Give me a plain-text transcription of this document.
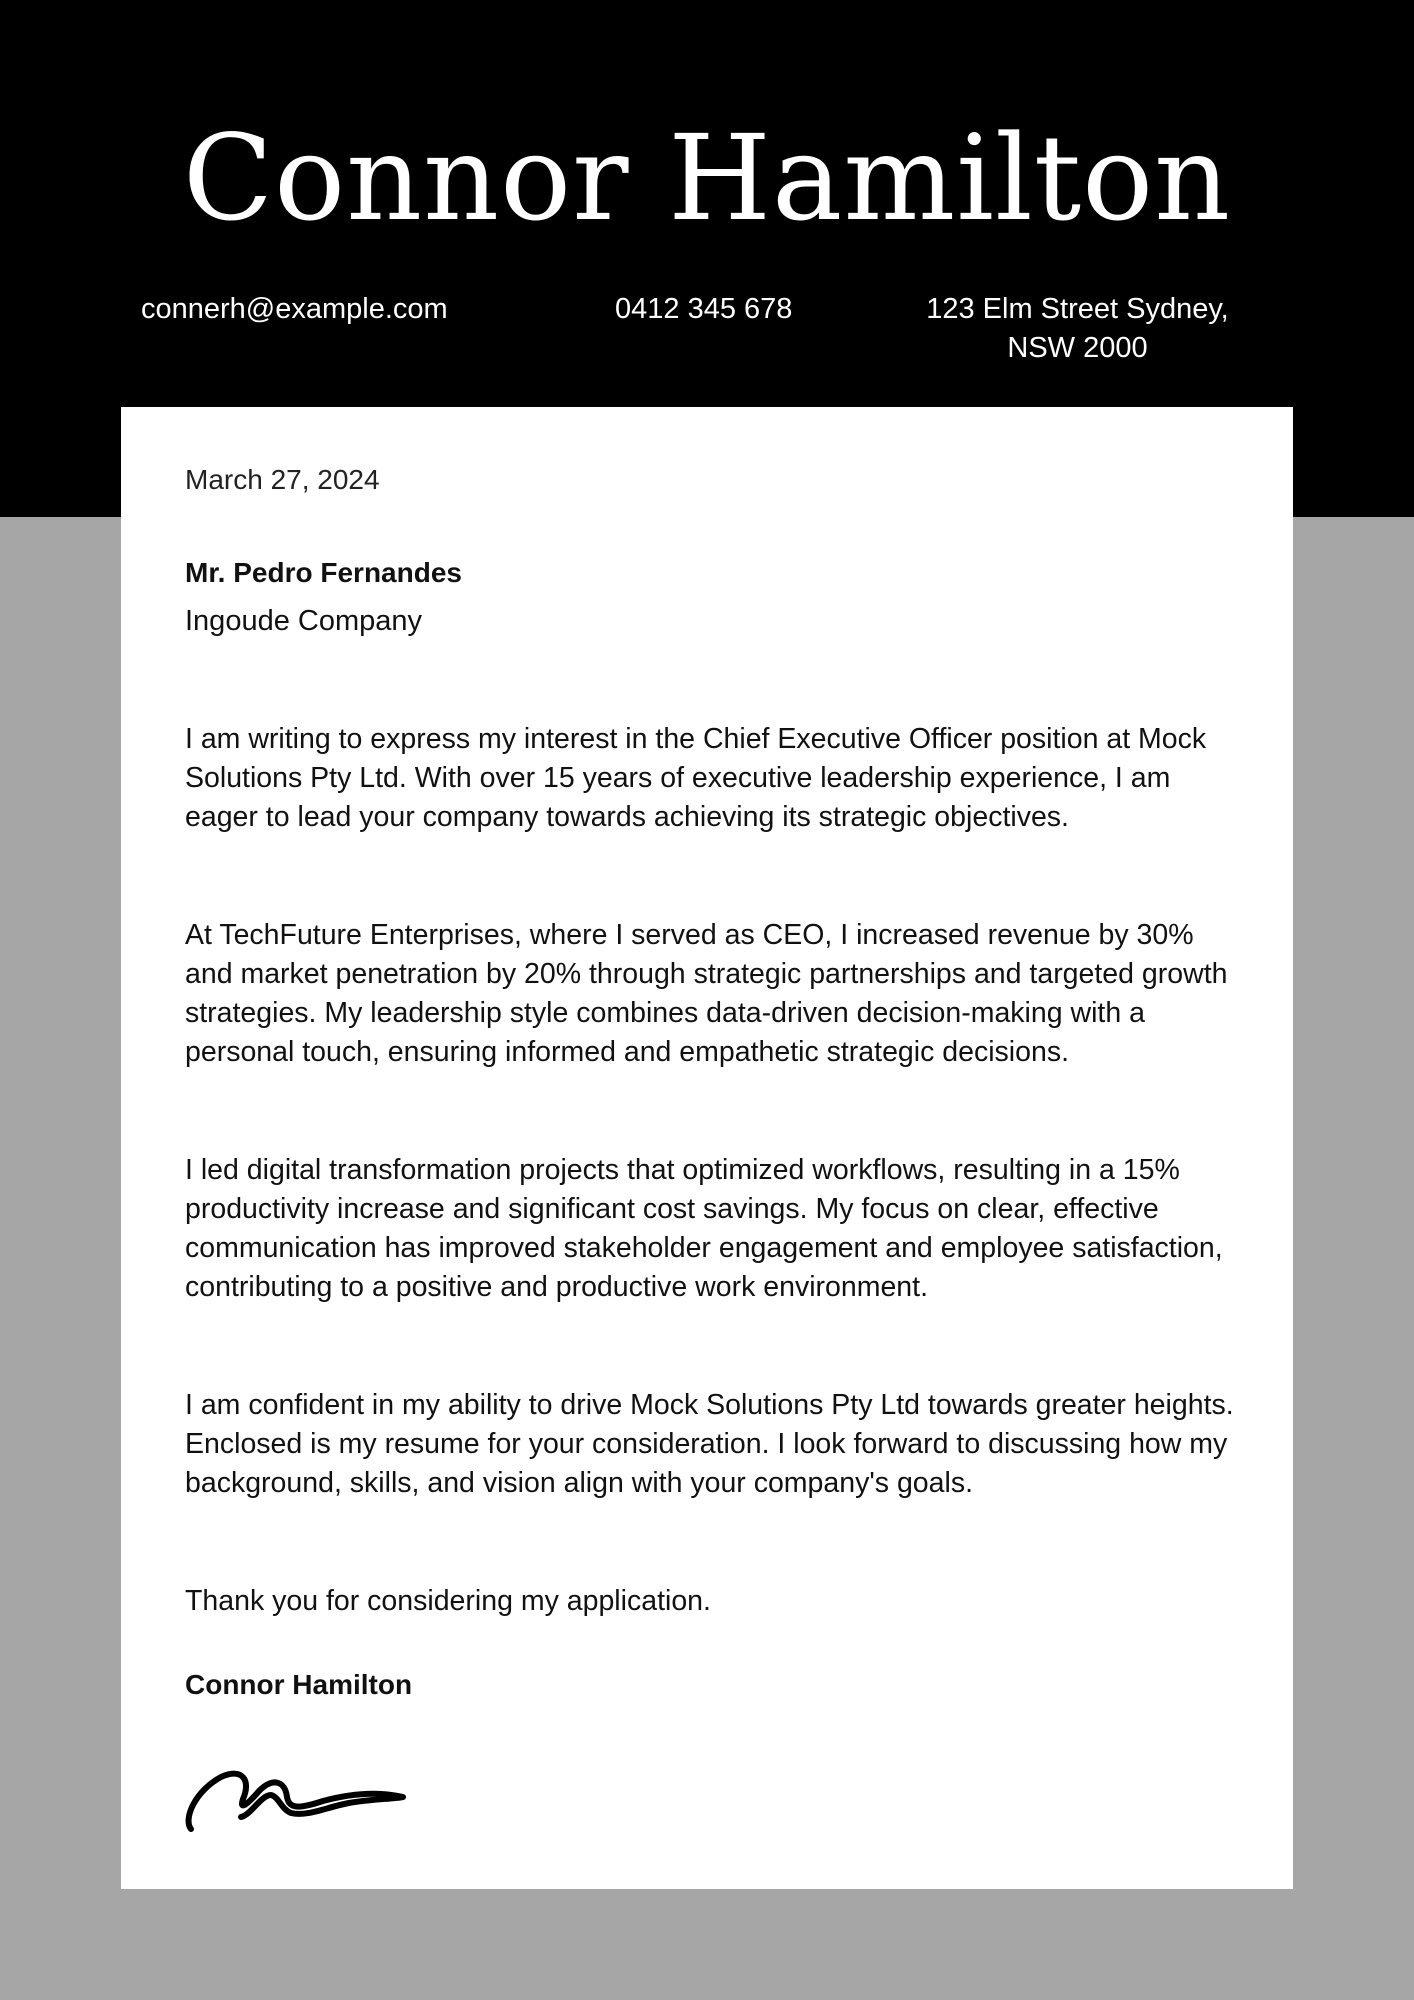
Connor Hamilton

connerh@example.com	0412 345 678	123 Elm Street Sydney,
NSW 2000

March 27, 2024

Mr. Pedro Fernandes

Ingoude Company

I am writing to express my interest in the Chief Executive Officer position at Mock Solutions Pty Ltd. With over 15 years of executive leadership experience, I am eager to lead your company towards achieving its strategic objectives.

At TechFuture Enterprises, where I served as CEO, I increased revenue by 30% and market penetration by 20% through strategic partnerships and targeted growth strategies. My leadership style combines data-driven decision-making with a personal touch, ensuring informed and empathetic strategic decisions.

I led digital transformation projects that optimized workflows, resulting in a 15% productivity increase and significant cost savings. My focus on clear, effective communication has improved stakeholder engagement and employee satisfaction, contributing to a positive and productive work environment.

I am confident in my ability to drive Mock Solutions Pty Ltd towards greater heights. Enclosed is my resume for your consideration. I look forward to discussing how my background, skills, and vision align with your company's goals.

Thank you for considering my application.

Connor Hamilton
